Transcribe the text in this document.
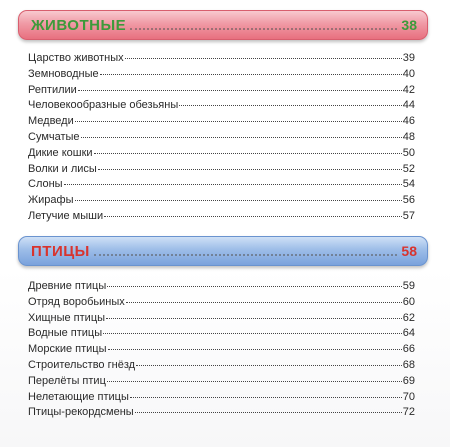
ЖИВОТНЫЕ	38
Царство животных	39
Земноводные	40
Рептилии	42
Человекообразные обезьяны	44
Медведи	46
Сумчатые	48
Дикие кошки	50
Волки и лисы	52
Слоны	54
Жирафы	56
Летучие мыши	57
ПТИЦЫ	58
Древние птицы	59
Отряд воробьиных	60
Хищные птицы	62
Водные птицы	64
Морские птицы	66
Строительство гнёзд	68
Перелёты птиц	69
Нелетающие птицы	70
Птицы-рекордсмены	72
